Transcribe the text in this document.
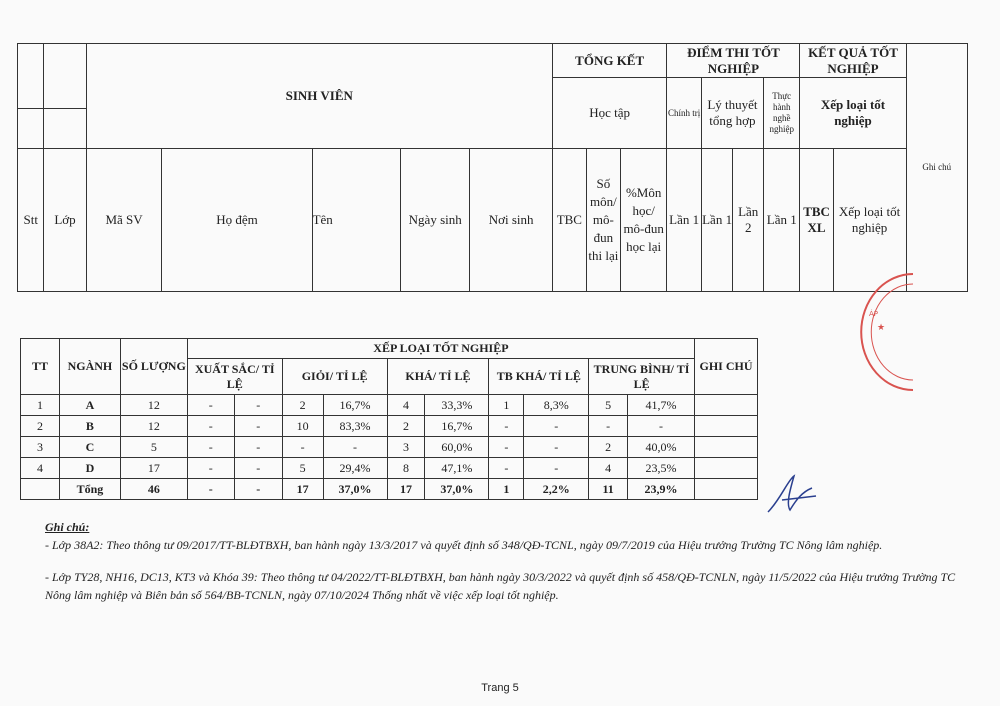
		SINH VIÊN					TỔNG KẾT			ĐIỂM THI TỐT NGHIỆP				KẾT QUẢ TỐT NGHIỆP		Ghi chú
							Học tập			Chính trị	Lý thuyết tổng hợp		Thực hành nghề nghiệp	Xếp loại tốt nghiệp		

Stt	Lớp	Mã SV	Họ đệm	Tên	Ngày sinh	Nơi sinh	TBC	Số môn/ mô-đun thi lại	%Môn học/ mô-đun học lại	Lần 1	Lần 1	Lần 2	Lần 1	TBC XL	Xếp loại tốt nghiệp	
★
ÁP
TT	NGÀNH	SỐ LƯỢNG	XẾP LOẠI TỐT NGHIỆP										GHI CHÚ
			XUẤT SẮC/ TỈ LỆ		GIỎI/ TỈ LỆ		KHÁ/ TỈ LỆ		TB KHÁ/ TỈ LỆ		TRUNG BÌNH/ TỈ LỆ		
1	A	12	-	-	2	16,7%	4	33,3%	1	8,3%	5	41,7%	
2	B	12	-	-	10	83,3%	2	16,7%	-	-	-	-	
3	C	5	-	-	-	-	3	60,0%	-	-	2	40,0%	
4	D	17	-	-	5	29,4%	8	47,1%	-	-	4	23,5%	
	Tổng	46	-	-	17	37,0%	17	37,0%	1	2,2%	11	23,9%	

Ghi chú:

- Lớp 38A2: Theo thông tư 09/2017/TT-BLĐTBXH, ban hành ngày 13/3/2017 và quyết định số 348/QĐ-TCNL, ngày 09/7/2019 của Hiệu trưởng Trường TC Nông lâm nghiệp.

- Lớp TY28, NH16, DC13, KT3 và Khóa 39: Theo thông tư 04/2022/TT-BLĐTBXH, ban hành ngày 30/3/2022 và quyết định số 458/QĐ-TCNLN, ngày 11/5/2022 của Hiệu trưởng Trường TC Nông lâm nghiệp và Biên bản số 564/BB-TCNLN, ngày 07/10/2024 Thống nhất về việc xếp loại tốt nghiệp.

Trang 5
